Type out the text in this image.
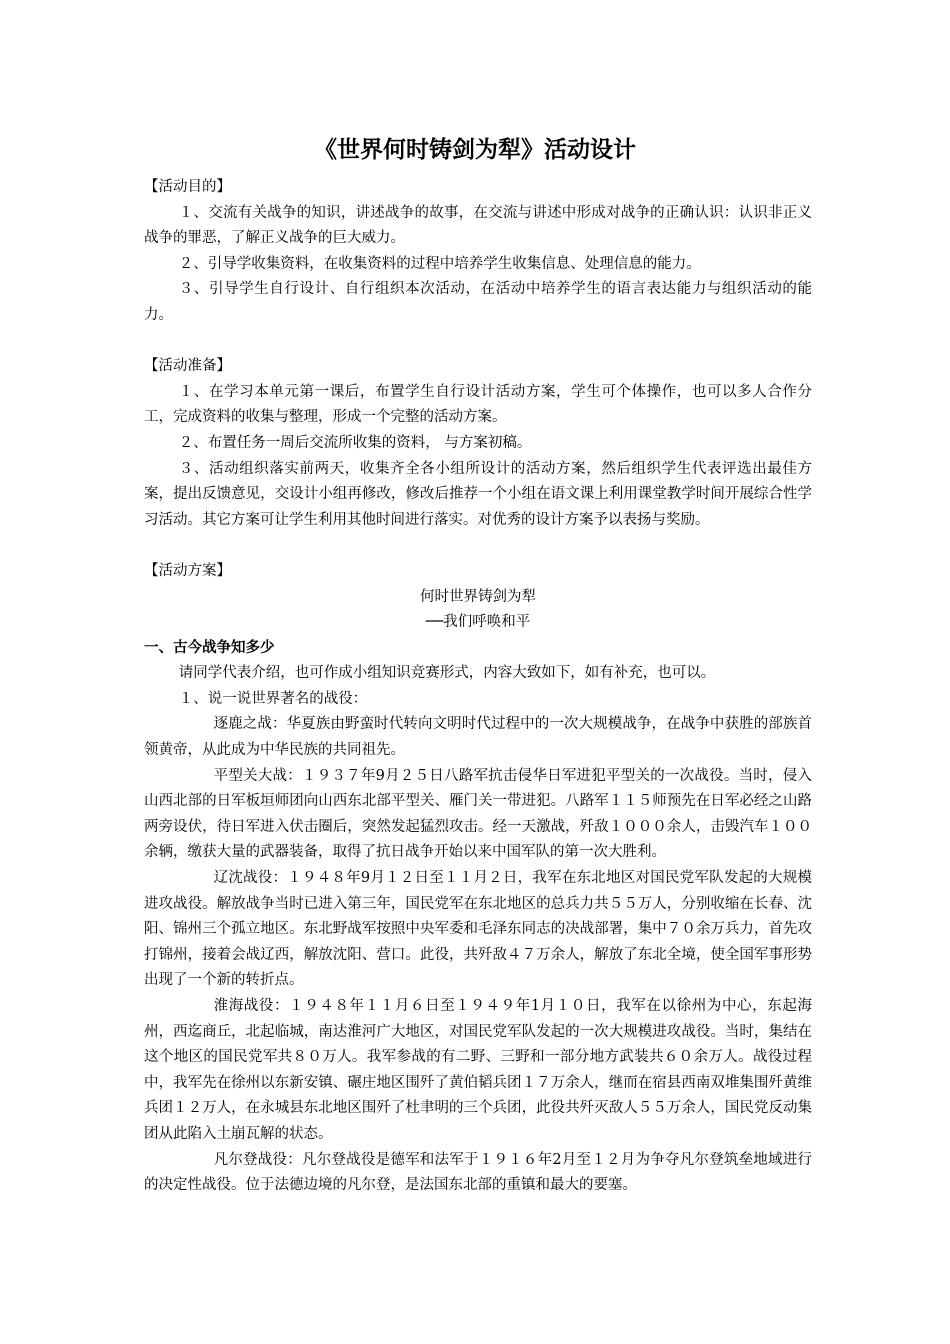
《世界何时铸剑为犁》活动设计

【活动目的】

１、交流有关战争的知识，讲述战争的故事，在交流与讲述中形成对战争的正确认识：认识非正义战争的罪恶，了解正义战争的巨大威力。

２、引导学收集资料，在收集资料的过程中培养学生收集信息、处理信息的能力。

３、引导学生自行设计、自行组织本次活动，在活动中培养学生的语言表达能力与组织活动的能力。

【活动准备】

１、在学习本单元第一课后，布置学生自行设计活动方案，学生可个体操作，也可以多人合作分工，完成资料的收集与整理，形成一个完整的活动方案。

２、布置任务一周后交流所收集的资料， 与方案初稿。

３、活动组织落实前两天，收集齐全各小组所设计的活动方案，然后组织学生代表评选出最佳方案，提出反馈意见，交设计小组再修改，修改后推荐一个小组在语文课上利用课堂教学时间开展综合性学习活动。其它方案可让学生利用其他时间进行落实。对优秀的设计方案予以表扬与奖励。

【活动方案】

何时世界铸剑为犁

──我们呼唤和平

一、古今战争知多少

请同学代表介绍，也可作成小组知识竞赛形式，内容大致如下，如有补充，也可以。

１、说一说世界著名的战役：

逐鹿之战：华夏族由野蛮时代转向文明时代过程中的一次大规模战争，在战争中获胜的部族首领黄帝，从此成为中华民族的共同祖先。

平型关大战：１９３７年9月２５日八路军抗击侵华日军进犯平型关的一次战役。当时，侵入山西北部的日军板垣师团向山西东北部平型关、雁门关一带进犯。八路军１１５师预先在日军必经之山路两旁设伏，待日军进入伏击圈后，突然发起猛烈攻击。经一天激战，歼敌１０００余人，击毁汽车１００余辆，缴获大量的武器装备，取得了抗日战争开始以来中国军队的第一次大胜利。

辽沈战役：１９４８年9月１２日至１１月２日，我军在东北地区对国民党军队发起的大规模进攻战役。解放战争当时已进入第三年，国民党军在东北地区的总兵力共５５万人，分别收缩在长春、沈阳、锦州三个孤立地区。东北野战军按照中央军委和毛泽东同志的决战部署，集中７０余万兵力，首先攻打锦州，接着会战辽西，解放沈阳、营口。此役，共歼敌４７万余人，解放了东北全境，使全国军事形势出现了一个新的转折点。

淮海战役：１９４８年１１月６日至１９４９年1月１０日，我军在以徐州为中心，东起海州，西迄商丘，北起临城，南达淮河广大地区，对国民党军队发起的一次大规模进攻战役。当时，集结在这个地区的国民党军共８０万人。我军参战的有二野、三野和一部分地方武装共６０余万人。战役过程中，我军先在徐州以东新安镇、碾庄地区围歼了黄伯韬兵团１７万余人，继而在宿县西南双堆集围歼黄维兵团１２万人，在永城县东北地区围歼了杜聿明的三个兵团，此役共歼灭敌人５５万余人，国民党反动集团从此陷入土崩瓦解的状态。

凡尔登战役：凡尔登战役是德军和法军于１９１６年2月至１２月为争夺凡尔登筑垒地域进行的决定性战役。位于法德边境的凡尔登，是法国东北部的重镇和最大的要塞。
